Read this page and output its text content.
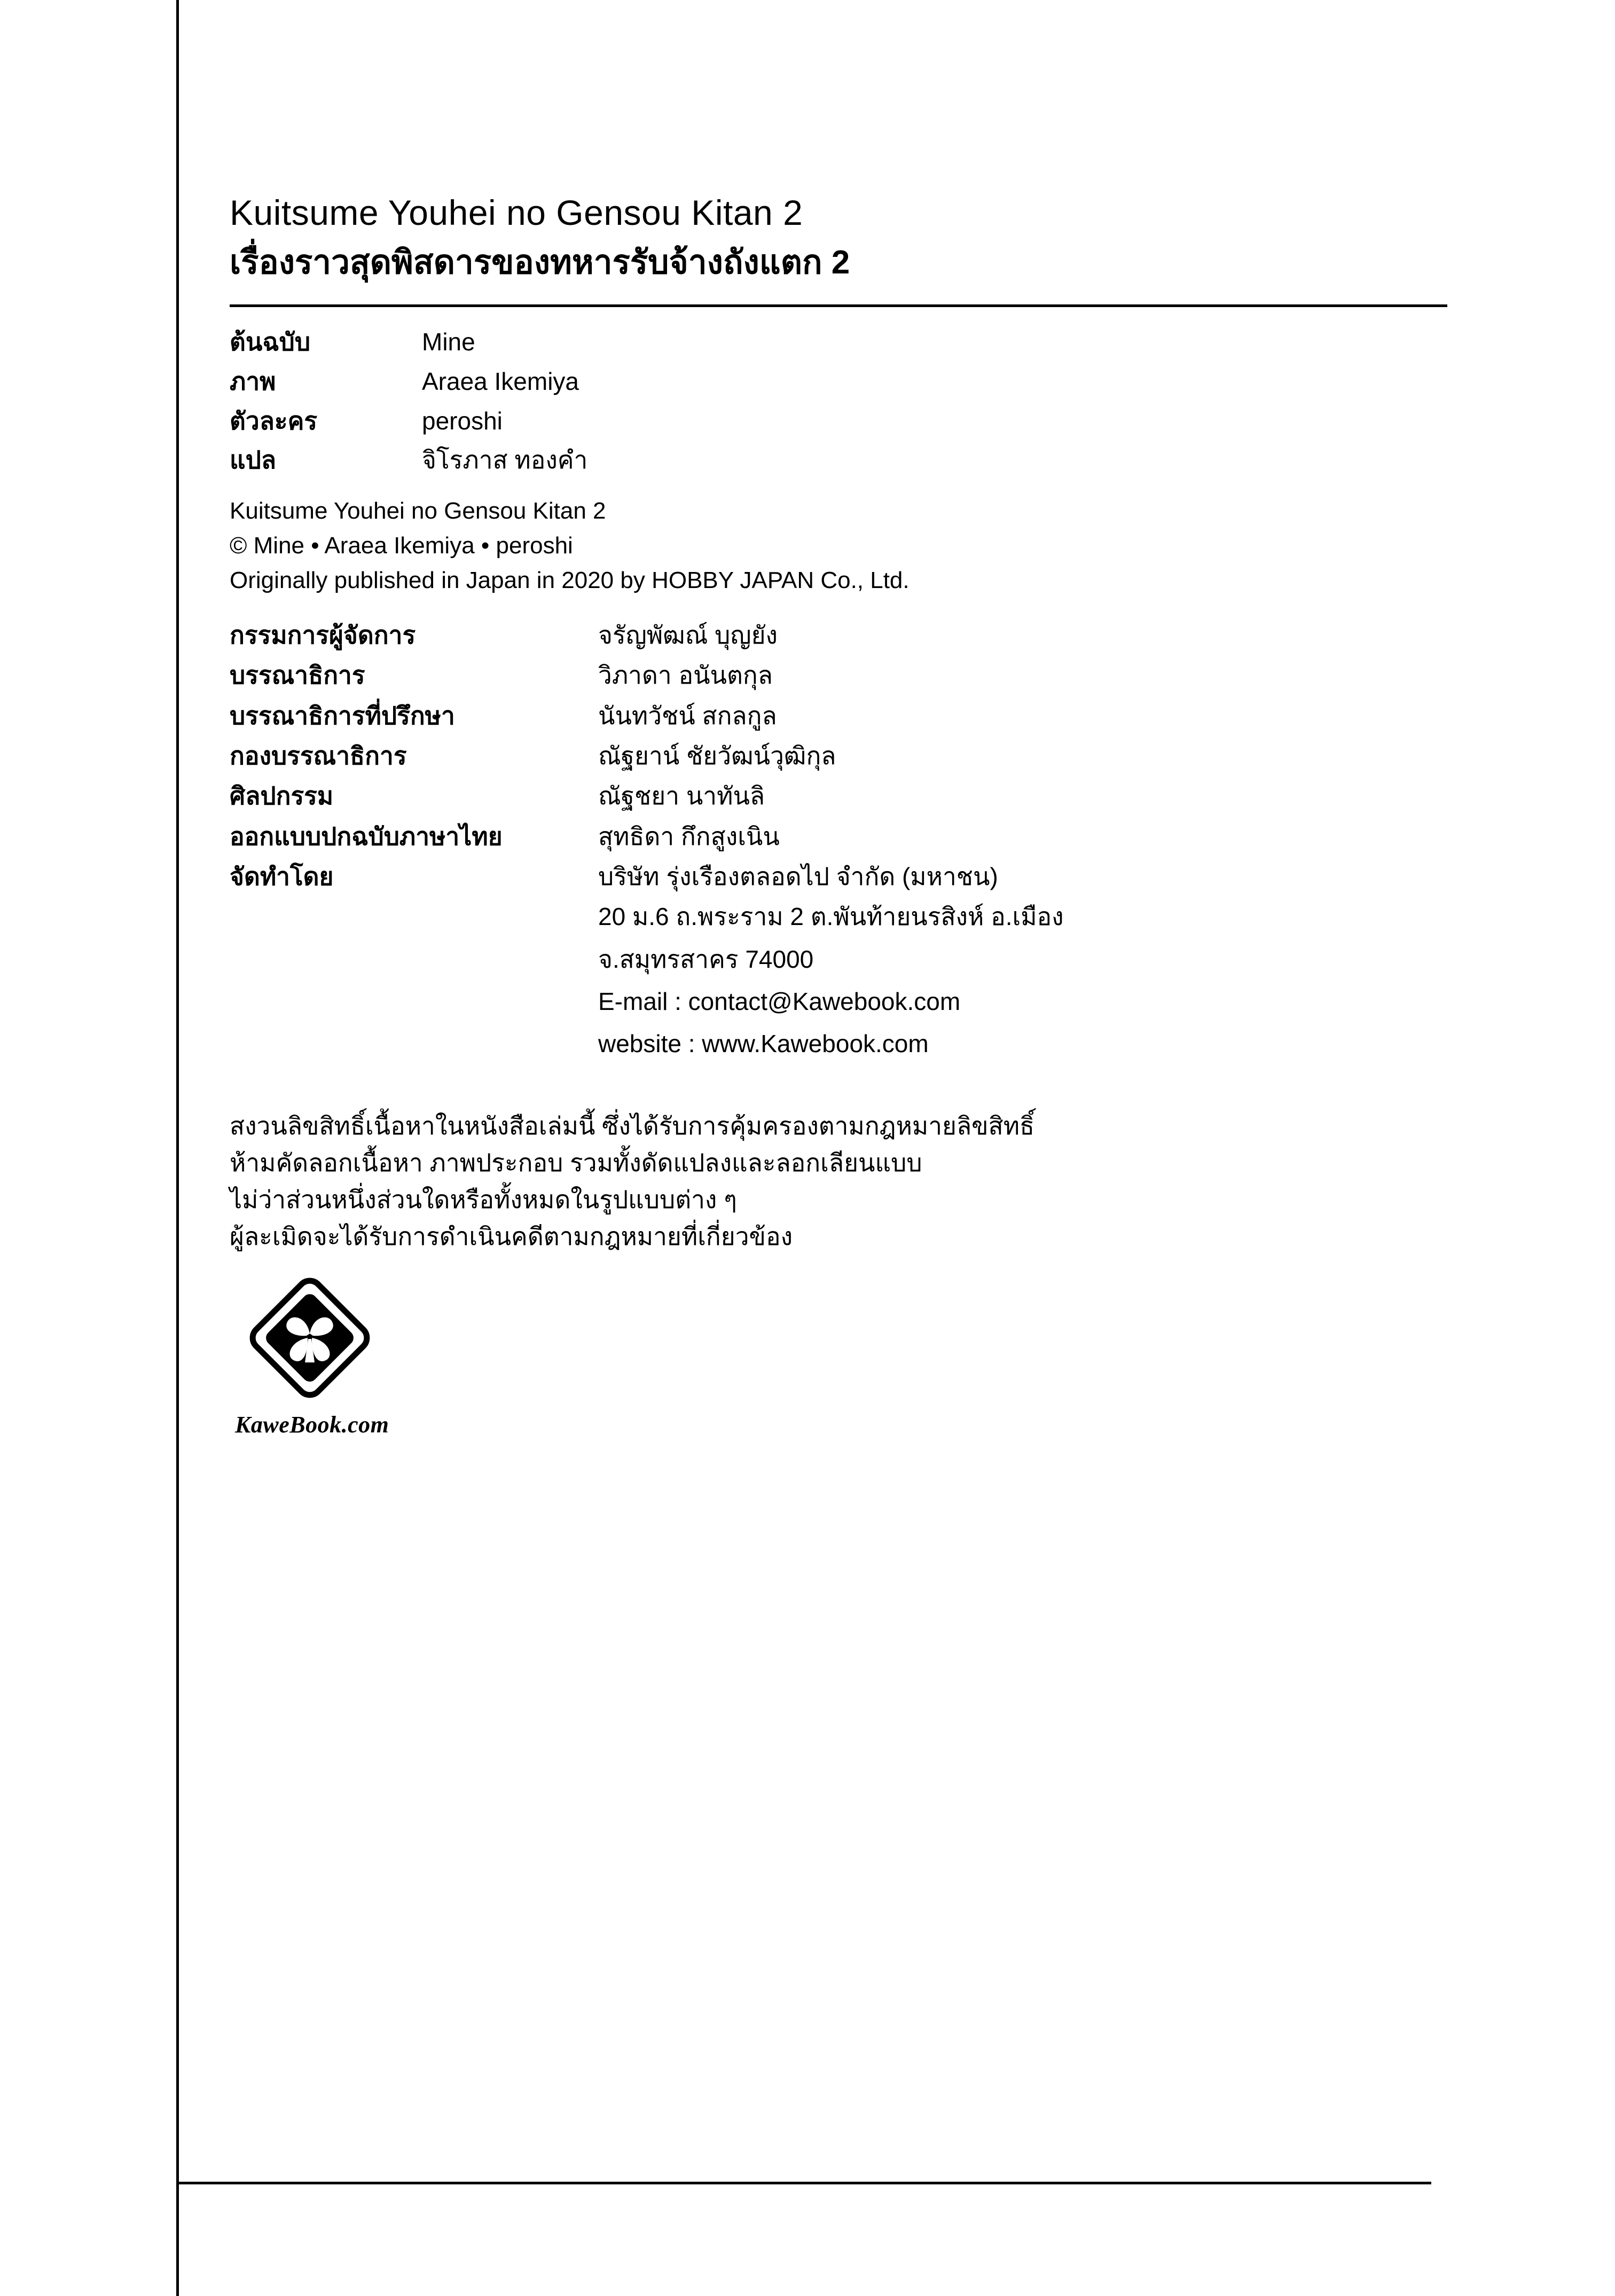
Kuitsume Youhei no Gensou Kitan 2
เรื่องราวสุดพิสดารของทหารรับจ้างถังแตก 2
ต้นฉบับ	Mine
ภาพ	Araea Ikemiya
ตัวละคร	peroshi
แปล	จิโรภาส ทองคำ
Kuitsume Youhei no Gensou Kitan 2
© Mine • Araea Ikemiya • peroshi
Originally published in Japan in 2020 by HOBBY JAPAN Co., Ltd.
กรรมการผู้จัดการ	จรัญพัฒณ์ บุญยัง
บรรณาธิการ	วิภาดา อนันตกุล
บรรณาธิการที่ปรึกษา	นันทวัชน์ สกลกูล
กองบรรณาธิการ	ณัฐยาน์ ชัยวัฒน์วุฒิกุล
ศิลปกรรม	ณัฐชยา นาทันลิ
ออกแบบปกฉบับภาษาไทย	สุทธิดา กึกสูงเนิน
จัดทำโดย	บริษัท รุ่งเรืองตลอดไป จำกัด (มหาชน)

	20 ม.6 ถ.พระราม 2 ต.พันท้ายนรสิงห์ อ.เมือง
จ.สมุทรสาคร 74000
E-mail : contact@Kawebook.com
website : www.Kawebook.com
สงวนลิขสิทธิ์เนื้อหาในหนังสือเล่มนี้ ซึ่งได้รับการคุ้มครองตามกฎหมายลิขสิทธิ์
ห้ามคัดลอกเนื้อหา ภาพประกอบ รวมทั้งดัดแปลงและลอกเลียนแบบ
ไม่ว่าส่วนหนึ่งส่วนใดหรือทั้งหมดในรูปแบบต่าง ๆ
ผู้ละเมิดจะได้รับการดำเนินคดีตามกฎหมายที่เกี่ยวข้อง
KaweBook.com
